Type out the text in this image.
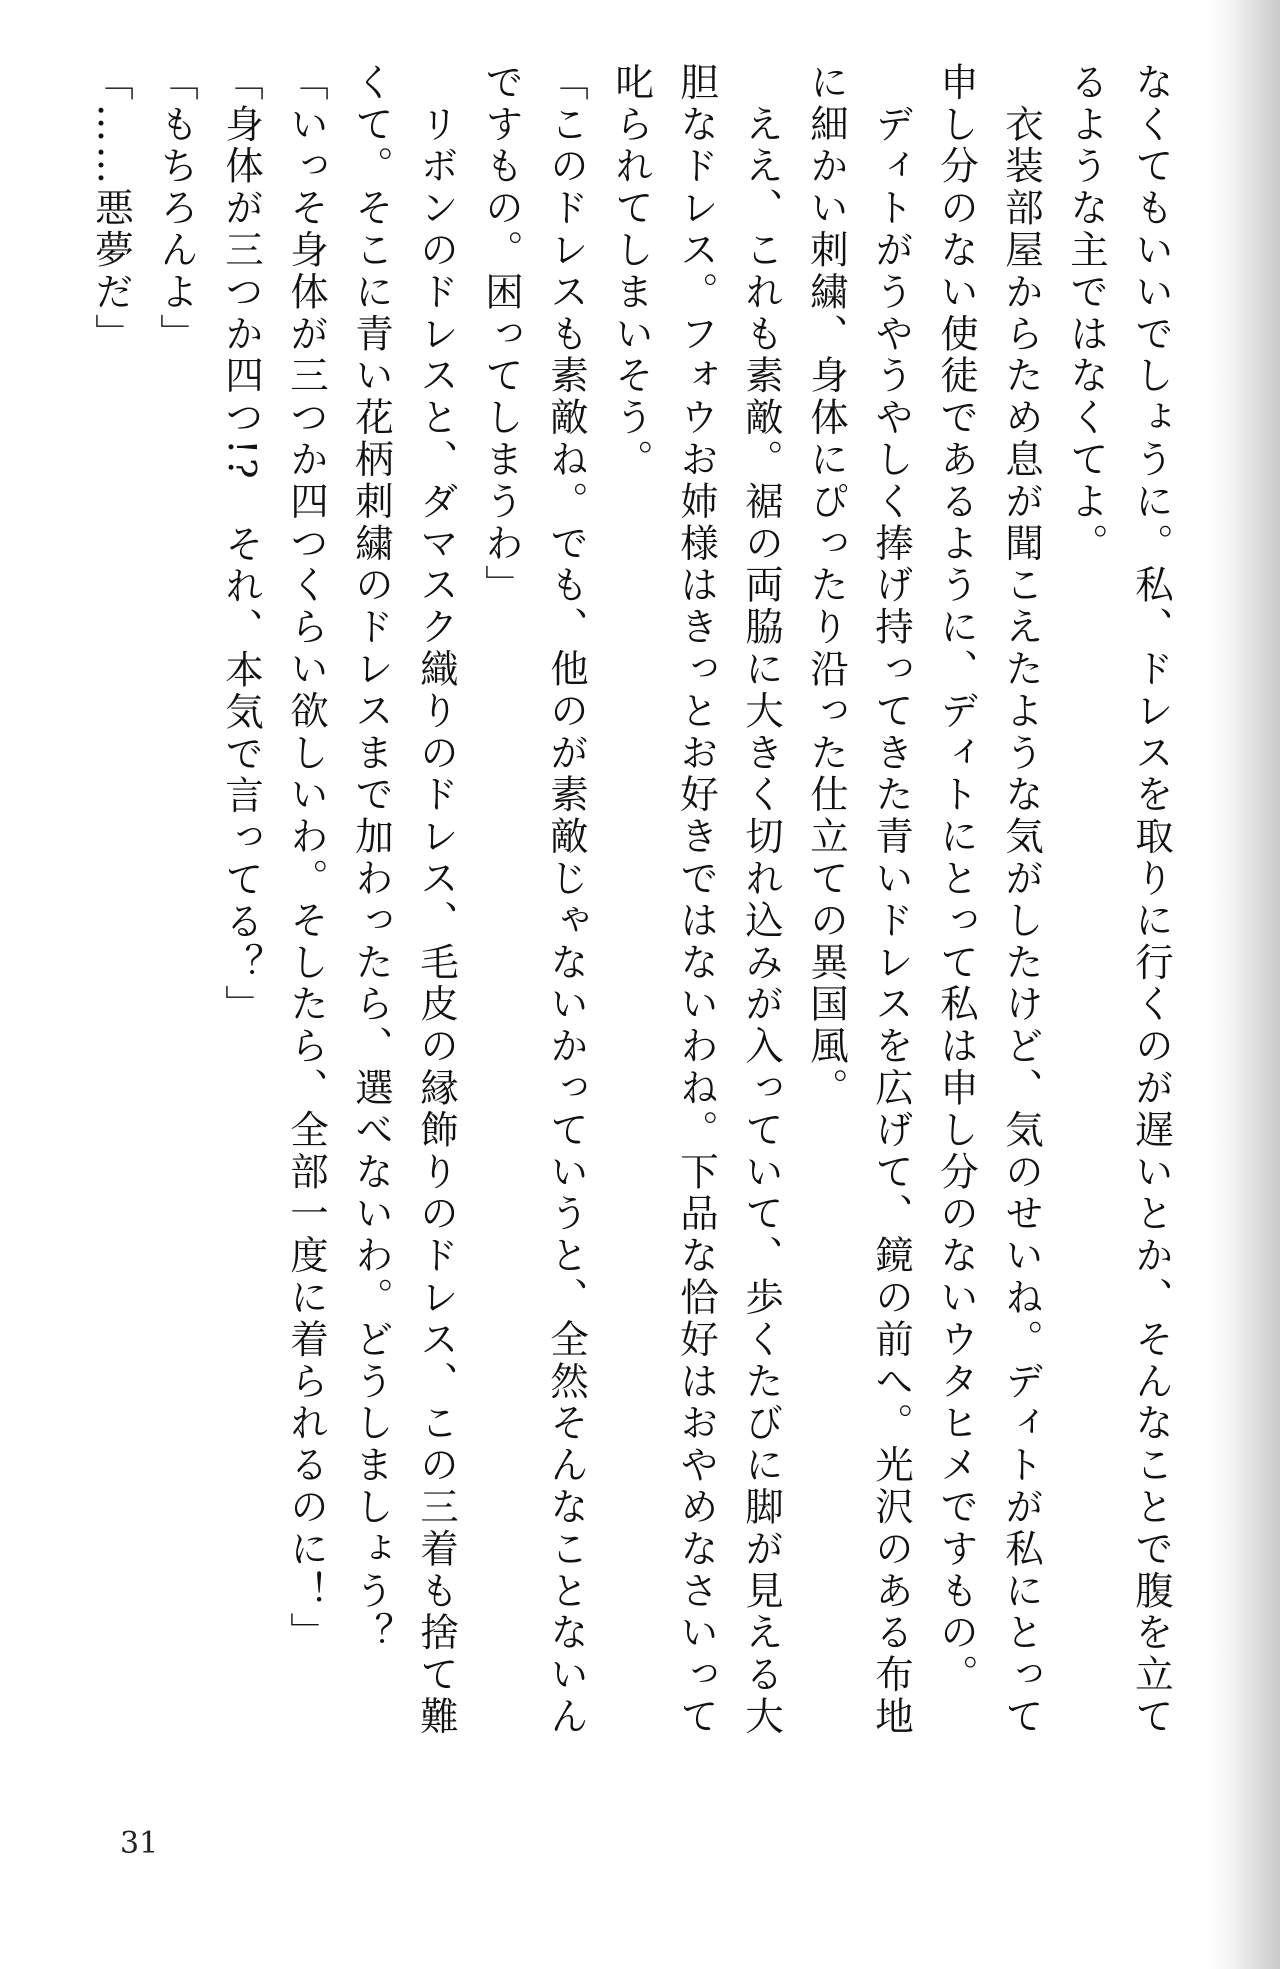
なくてもいいでしょうに。私、ドレスを取りに行くのが遅いとか、そんなことで腹を立て
るような主ではなくてよ。
　衣装部屋からため息が聞こえたような気がしたけど、気のせいね。ディトが私にとって
申し分のない使徒であるように、ディトにとって私は申し分のないウタヒメですもの。
　ディトがうやうやしく捧げ持ってきた青いドレスを広げて、鏡の前へ。光沢のある布地
に細かい刺繍、身体にぴったり沿った仕立ての異国風。
　ええ、これも素敵。裾の両脇に大きく切れ込みが入っていて、歩くたびに脚が見える大
胆なドレス。フォウお姉様はきっとお好きではないわね。下品な恰好はおやめなさいって
叱られてしまいそう。
「このドレスも素敵ね。でも、他のが素敵じゃないかっていうと、全然そんなことないん
ですもの。困ってしまうわ」
　リボンのドレスと、ダマスク織りのドレス、毛皮の縁飾りのドレス、この三着も捨て難
くて。そこに青い花柄刺繍のドレスまで加わったら、選べないわ。どうしましょう？
「いっそ身体が三つか四つくらい欲しいわ。そしたら、全部一度に着られるのに！」
「身体が三つか四つ!?　それ、本気で言ってる？」
「もちろんよ」
「……悪夢だ」
31
